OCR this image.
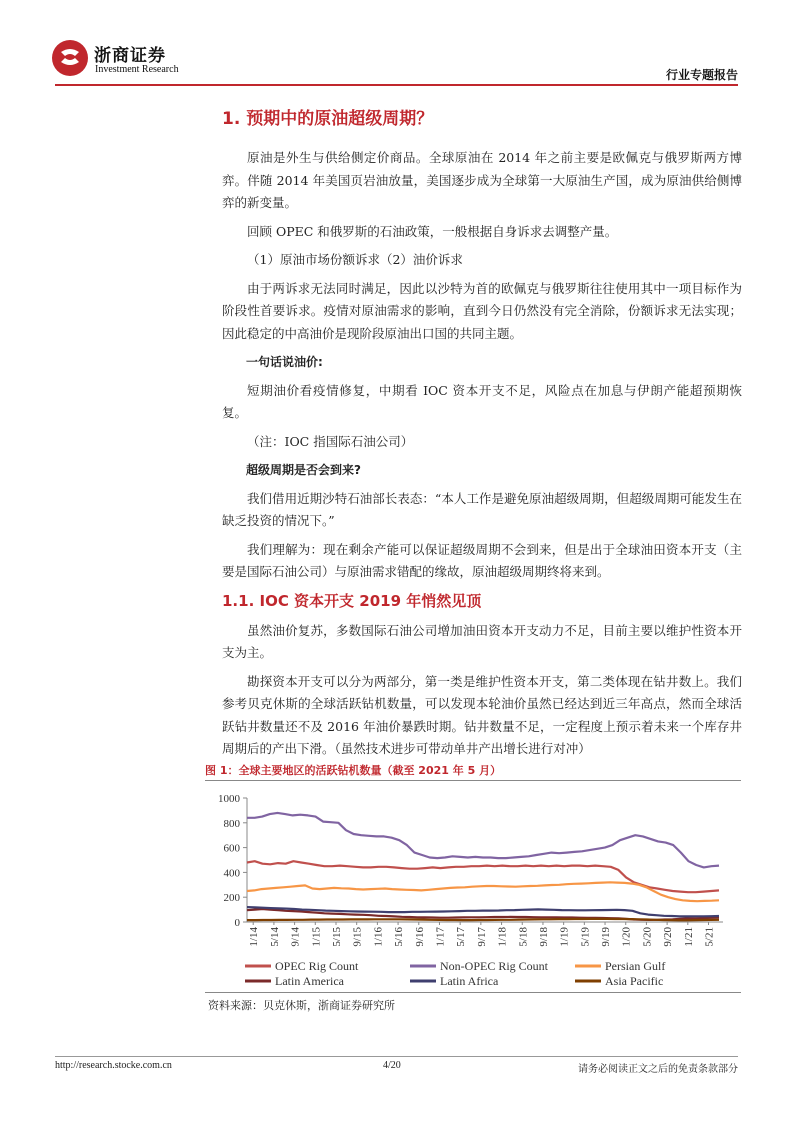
浙商证券
Investment Research	行业专题报告
1. 预期中的原油超级周期？

原油是外生与供给侧定价商品。全球原油在 2014 年之前主要是欧佩克与俄罗斯两方博弈。伴随 2014 年美国页岩油放量，美国逐步成为全球第一大原油生产国，成为原油供给侧博弈的新变量。

回顾 OPEC 和俄罗斯的石油政策，一般根据自身诉求去调整产量。

（1）原油市场份额诉求（2）油价诉求

由于两诉求无法同时满足，因此以沙特为首的欧佩克与俄罗斯往往使用其中一项目标作为阶段性首要诉求。疫情对原油需求的影响，直到今日仍然没有完全消除，份额诉求无法实现；因此稳定的中高油价是现阶段原油出口国的共同主题。

一句话说油价:

短期油价看疫情修复，中期看 IOC 资本开支不足，风险点在加息与伊朗产能超预期恢复。

（注：IOC 指国际石油公司）

超级周期是否会到来?

我们借用近期沙特石油部长表态：“本人工作是避免原油超级周期，但超级周期可能发生在缺乏投资的情况下。”

我们理解为：现在剩余产能可以保证超级周期不会到来，但是出于全球油田资本开支（主要是国际石油公司）与原油需求错配的缘故，原油超级周期终将来到。

1.1. IOC 资本开支 2019 年悄然见顶

虽然油价复苏，多数国际石油公司增加油田资本开支动力不足，目前主要以维护性资本开支为主。

勘探资本开支可以分为两部分，第一类是维护性资本开支，第二类体现在钻井数上。我们参考贝克休斯的全球活跃钻机数量，可以发现本轮油价虽然已经达到近三年高点，然而全球活跃钻井数量还不及 2016 年油价暴跌时期。钻井数量不足，一定程度上预示着未来一个库存井周期后的产出下滑。（虽然技术进步可带动单井产出增长进行对冲）

图 1：全球主要地区的活跃钻机数量（截至 2021 年 5 月）
0
200
400
600
800
1000
1/14 5/14 9/14 1/15 5/15 9/15 1/16 5/16 9/16 1/17 5/17 9/17 1/18 5/18 9/18 1/19 5/19 9/19 1/20 5/20 9/20 1/21 5/21
OPEC Rig Count	Non-OPEC Rig Count	Persian Gulf
Latin America	Latin Africa	Asia Pacific
资料来源：贝克休斯，浙商证券研究所
http://research.stocke.com.cn	4/20	请务必阅读正文之后的免责条款部分
